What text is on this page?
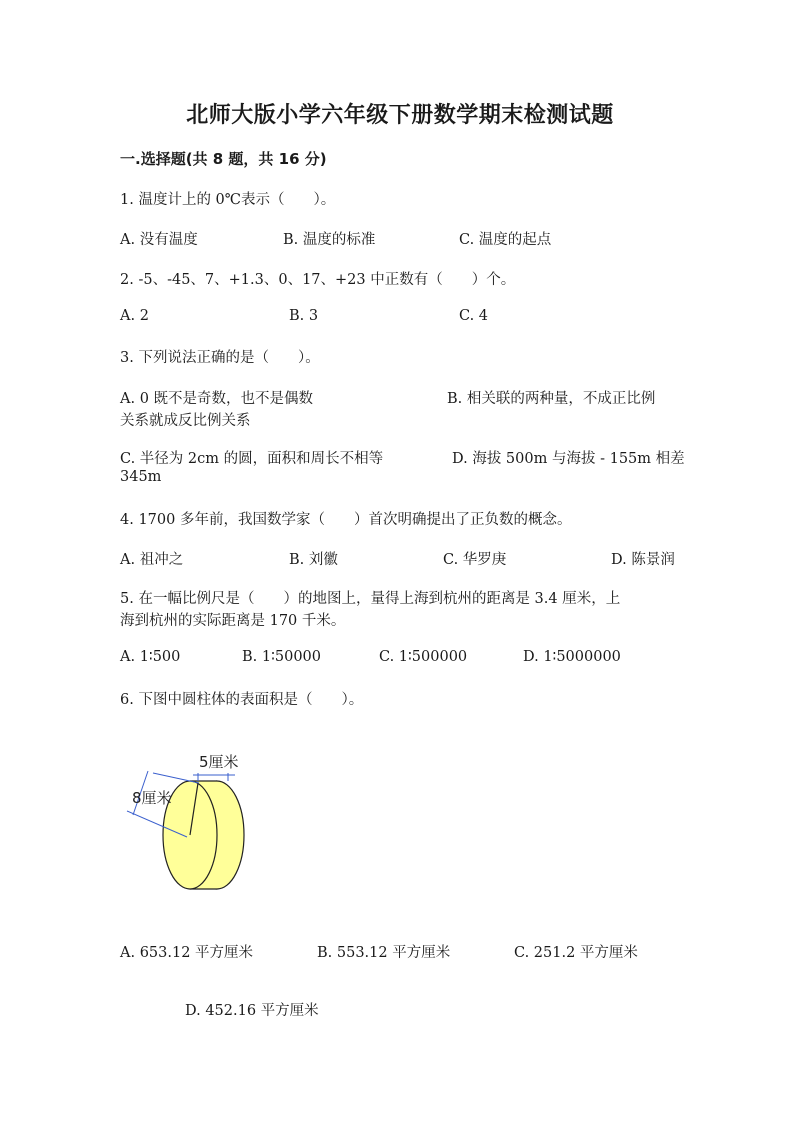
北师大版小学六年级下册数学期末检测试题
一.选择题(共 8 题，共 16 分)
1. 温度计上的 0℃表示（　　）。
A. 没有温度	B. 温度的标准	C. 温度的起点
2. -5、-45、7、+1.3、0、17、+23 中正数有（　　）个。
A. 2	B. 3	C. 4
3. 下列说法正确的是（　　）。
A. 0 既不是奇数，也不是偶数	B. 相关联的两种量，不成正比例
关系就成反比例关系
C. 半径为 2cm 的圆，面积和周长不相等	D. 海拔 500m 与海拔 - 155m 相差
345m
4. 1700 多年前，我国数学家（　　）首次明确提出了正负数的概念。
A. 祖冲之	B. 刘徽	C. 华罗庚	D. 陈景润
5. 在一幅比例尺是（　　）的地图上，量得上海到杭州的距离是 3.4 厘米，上
海到杭州的实际距离是 170 千米。
A. 1∶500	B. 1∶50000	C. 1∶500000	D. 1∶5000000
6. 下图中圆柱体的表面积是（　　）。
5厘米
8厘米
A. 653.12 平方厘米	B. 553.12 平方厘米	C. 251.2 平方厘米
D. 452.16 平方厘米
